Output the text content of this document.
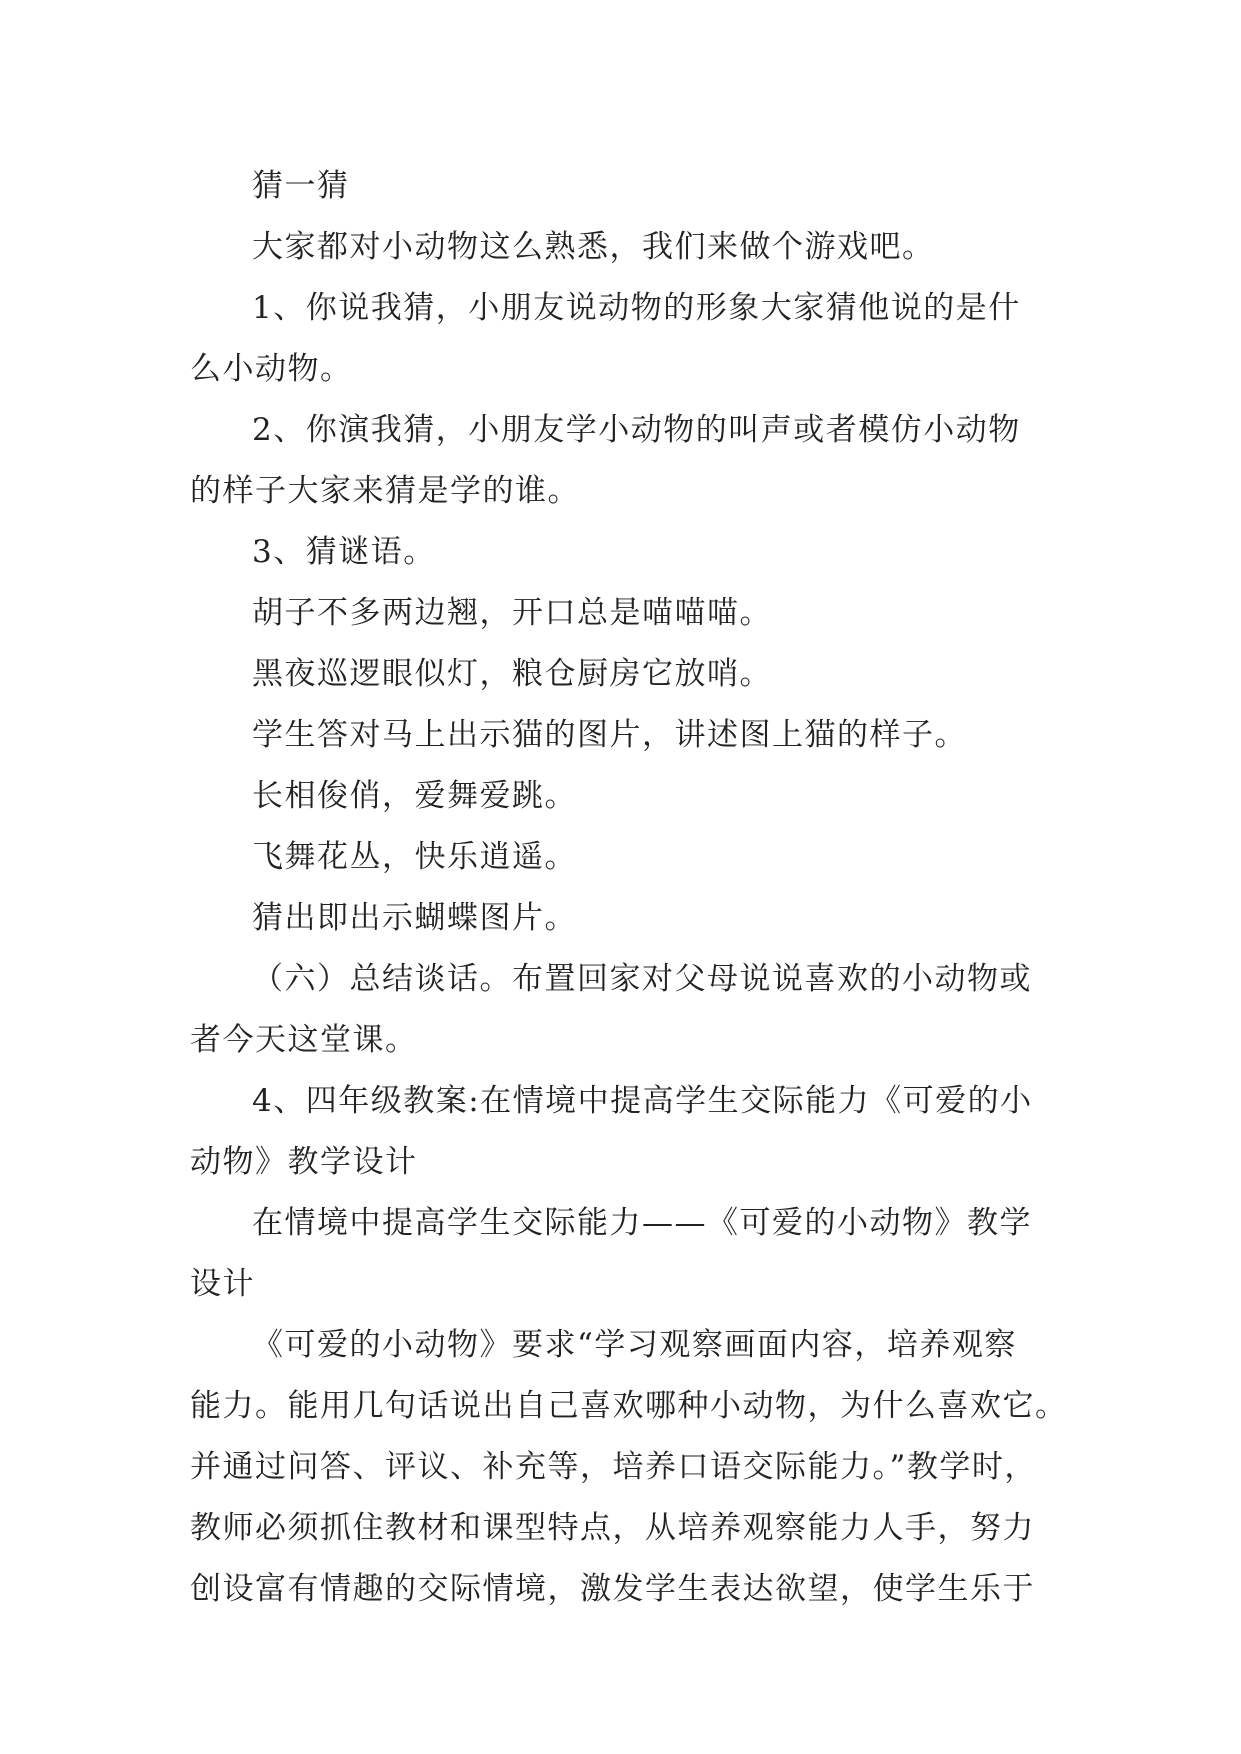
猜一猜
大家都对小动物这么熟悉，我们来做个游戏吧。
1、你说我猜，小朋友说动物的形象大家猜他说的是什
么小动物。
2、你演我猜，小朋友学小动物的叫声或者模仿小动物
的样子大家来猜是学的谁。
3、猜谜语。
胡子不多两边翘，开口总是喵喵喵。
黑夜巡逻眼似灯，粮仓厨房它放哨。
学生答对马上出示猫的图片，讲述图上猫的样子。
长相俊俏，爱舞爱跳。
飞舞花丛，快乐逍遥。
猜出即出示蝴蝶图片。
（六）总结谈话。布置回家对父母说说喜欢的小动物或
者今天这堂课。
4、四年级教案:在情境中提高学生交际能力《可爱的小
动物》教学设计
在情境中提高学生交际能力——《可爱的小动物》教学
设计
《可爱的小动物》要求“学习观察画面内容，培养观察
能力。能用几句话说出自己喜欢哪种小动物，为什么喜欢它。
并通过问答、评议、补充等，培养口语交际能力。”教学时，
教师必须抓住教材和课型特点，从培养观察能力人手，努力
创设富有情趣的交际情境，激发学生表达欲望，使学生乐于
